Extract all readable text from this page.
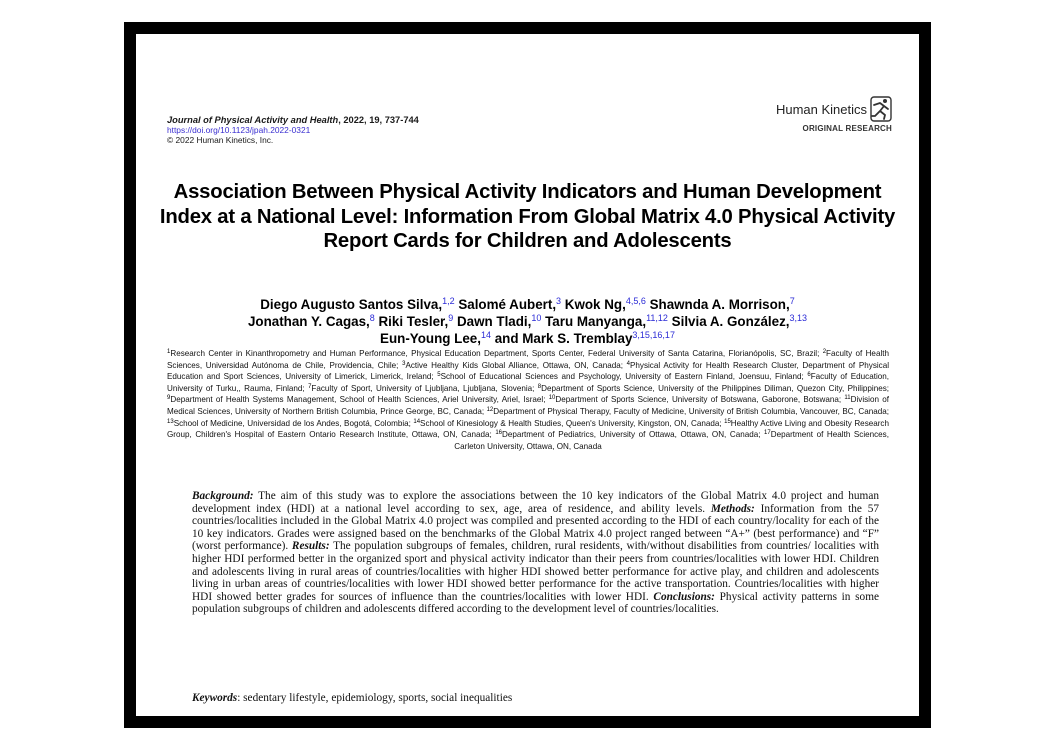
Journal of Physical Activity and Health, 2022, 19, 737-744
https://doi.org/10.1123/jpah.2022-0321
© 2022 Human Kinetics, Inc.
Human Kinetics
ORIGINAL RESEARCH
Association Between Physical Activity Indicators and Human Development Index at a National Level: Information From Global Matrix 4.0 Physical Activity Report Cards for Children and Adolescents
Diego Augusto Santos Silva,$^{1,2}$ Salomé Aubert,$^3$ Kwok Ng,$^{4,5,6}$ Shawnda A. Morrison,$^7$
Jonathan Y. Cagas,$^8$ Riki Tesler,$^9$ Dawn Tladi,$^{10}$ Taru Manyanga,$^{11,12}$ Silvia A. González,$^{3,13}$
Eun-Young Lee,$^{14}$ and Mark S. Tremblay$^{3,15,16,17}$
$^1$Research Center in Kinanthropometry and Human Performance, Physical Education Department, Sports Center, Federal University of Santa Catarina, Florianópolis, SC, Brazil; $^2$Faculty of Health Sciences, Universidad Autónoma de Chile, Providencia, Chile; $^3$Active Healthy Kids Global Alliance, Ottawa, ON, Canada; $^4$Physical Activity for Health Research Cluster, Department of Physical Education and Sport Sciences, University of Limerick, Limerick, Ireland; $^5$School of Educational Sciences and Psychology, University of Eastern Finland, Joensuu, Finland; $^6$Faculty of Education, University of Turku,, Rauma, Finland; $^7$Faculty of Sport, University of Ljubljana, Ljubljana, Slovenia; $^8$Department of Sports Science, University of the Philippines Diliman, Quezon City, Philippines; $^9$Department of Health Systems Management, School of Health Sciences, Ariel University, Ariel, Israel; $^{10}$Department of Sports Science, University of Botswana, Gaborone, Botswana; $^{11}$Division of Medical Sciences, University of Northern British Columbia, Prince George, BC, Canada; $^{12}$Department of Physical Therapy, Faculty of Medicine, University of British Columbia, Vancouver, BC, Canada; $^{13}$School of Medicine, Universidad de los Andes, Bogotá, Colombia; $^{14}$School of Kinesiology & Health Studies, Queen's University, Kingston, ON, Canada; $^{15}$Healthy Active Living and Obesity Research Group, Children's Hospital of Eastern Ontario Research Institute, Ottawa, ON, Canada; $^{16}$Department of Pediatrics, University of Ottawa, Ottawa, ON, Canada; $^{17}$Department of Health Sciences, Carleton University, Ottawa, ON, Canada
Background: The aim of this study was to explore the associations between the 10 key indicators of the Global Matrix 4.0 project and human development index (HDI) at a national level according to sex, age, area of residence, and ability levels. Methods: Information from the 57 countries/localities included in the Global Matrix 4.0 project was compiled and presented according to the HDI of each country/locality for each of the 10 key indicators. Grades were assigned based on the benchmarks of the Global Matrix 4.0 project ranged between “A+” (best performance) and “F” (worst performance). Results: The population subgroups of females, children, rural residents, with/without disabilities from countries/ localities with higher HDI performed better in the organized sport and physical activity indicator than their peers from countries/localities with lower HDI. Children and adolescents living in rural areas of countries/localities with higher HDI showed better performance for active play, and children and adolescents living in urban areas of countries/localities with lower HDI showed better performance for the active transportation. Countries/localities with higher HDI showed better grades for sources of influence than the countries/localities with lower HDI. Conclusions: Physical activity patterns in some population subgroups of children and adolescents differed according to the development level of countries/localities.
Keywords: sedentary lifestyle, epidemiology, sports, social inequalities
